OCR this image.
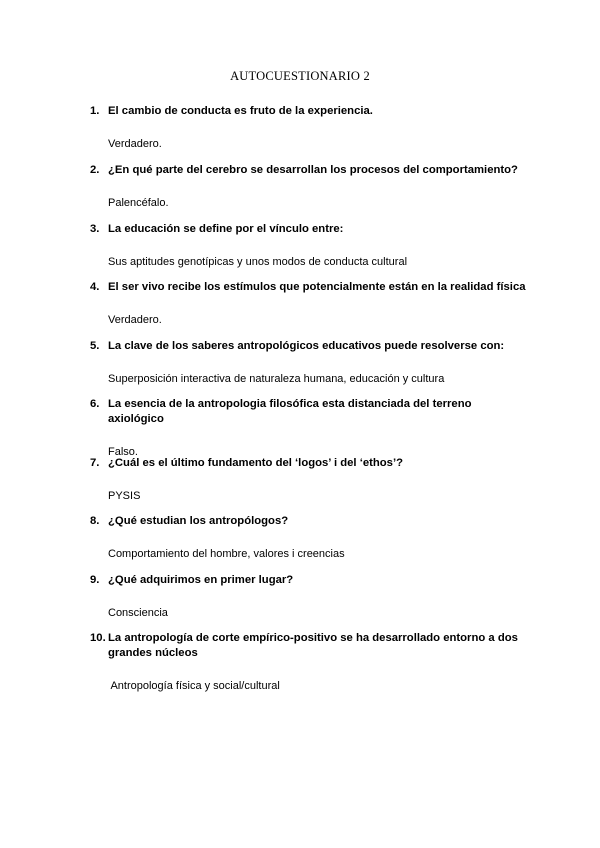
AUTOCUESTIONARIO 2
1. El cambio de conducta es fruto de la experiencia.
Verdadero.
2. ¿En qué parte del cerebro se desarrollan los procesos del comportamiento?
Palencéfalo.
3. La educación se define por el vínculo entre:
Sus aptitudes genotípicas y unos modos de conducta cultural
4. El ser vivo recibe los estímulos que potencialmente están en la realidad física
Verdadero.
5. La clave de los saberes antropológicos educativos puede resolverse con:
Superposición interactiva de naturaleza humana, educación y cultura
6. La esencia de la antropologia filosófica esta distanciada del terreno axiológico
Falso.
7. ¿Cuál es el último fundamento del ‘logos’ i del ‘ethos’?
PYSIS
8. ¿Qué estudian los antropólogos?
Comportamiento del hombre, valores i creencias
9. ¿Qué adquirimos en primer lugar?
Consciencia
10. La antropología de corte empírico-positivo se ha desarrollado entorno a dos grandes núcleos
Antropología física y social/cultural
